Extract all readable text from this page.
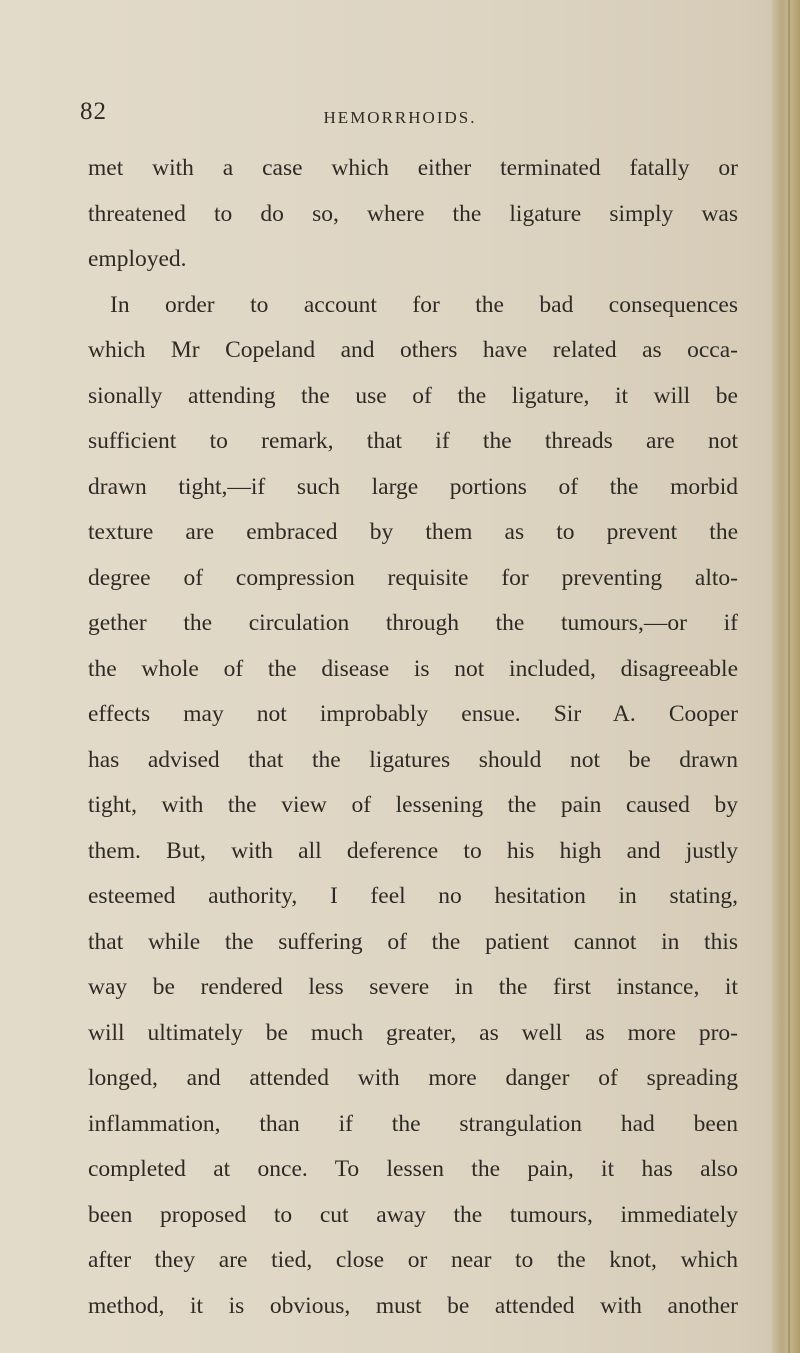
82	HEMORRHOIDS.
met with a case which either terminated fatally or
threatened to do so, where the ligature simply was
employed.
In order to account for the bad consequences
which Mr Copeland and others have related as occa-
sionally attending the use of the ligature, it will be
sufficient to remark, that if the threads are not
drawn tight,—if such large portions of the morbid
texture are embraced by them as to prevent the
degree of compression requisite for preventing alto-
gether the circulation through the tumours,—or if
the whole of the disease is not included, disagreeable
effects may not improbably ensue. Sir A. Cooper
has advised that the ligatures should not be drawn
tight, with the view of lessening the pain caused by
them. But, with all deference to his high and justly
esteemed authority, I feel no hesitation in stating,
that while the suffering of the patient cannot in this
way be rendered less severe in the first instance, it
will ultimately be much greater, as well as more pro-
longed, and attended with more danger of spreading
inflammation, than if the strangulation had been
completed at once. To lessen the pain, it has also
been proposed to cut away the tumours, immediately
after they are tied, close or near to the knot, which
method, it is obvious, must be attended with another
